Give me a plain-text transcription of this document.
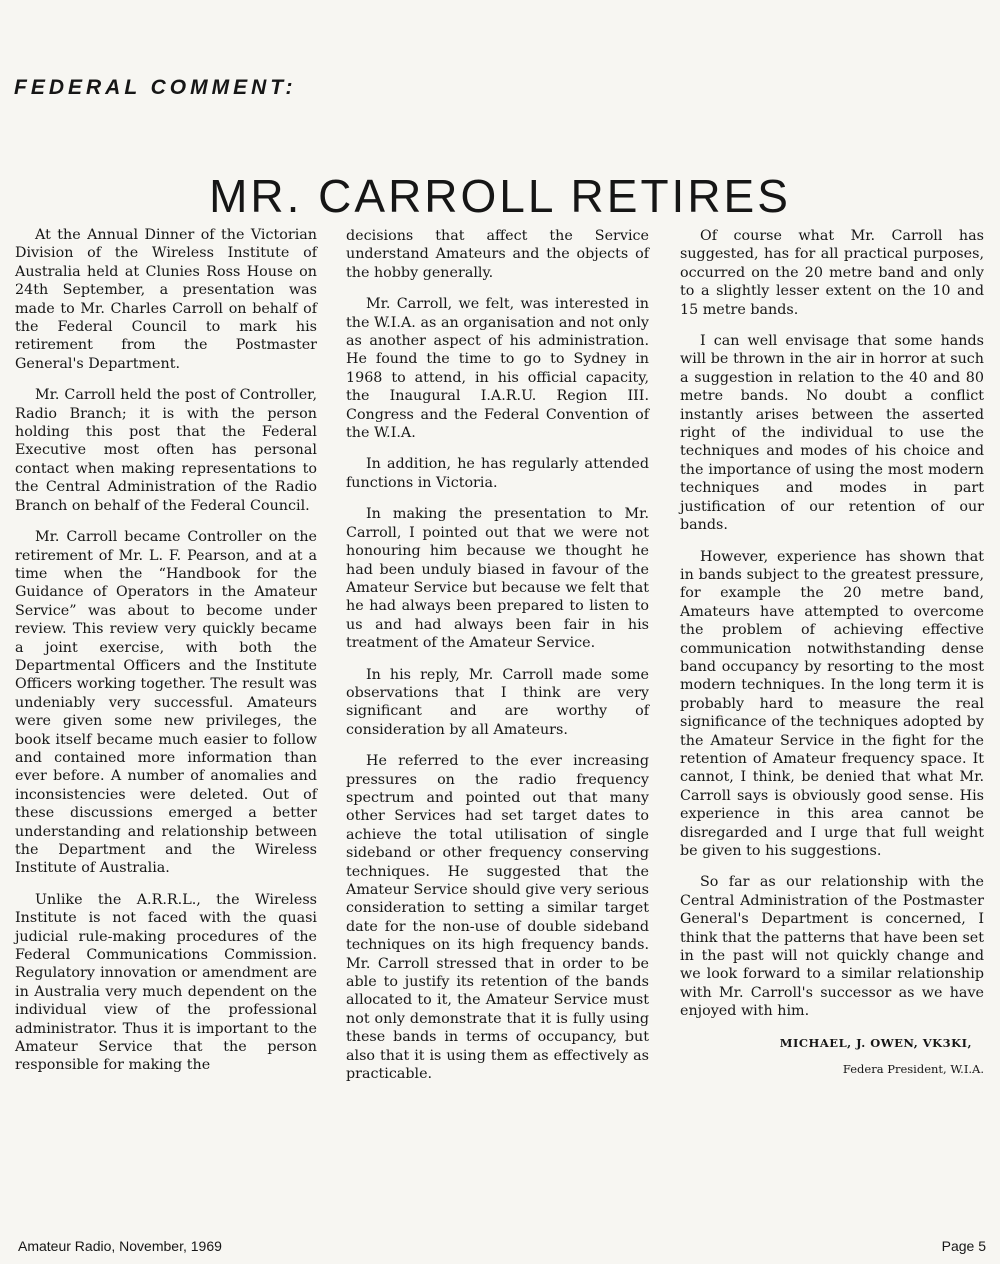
FEDERAL COMMENT:
MR. CARROLL RETIRES

At the Annual Dinner of the Victorian Division of the Wireless Institute of Australia held at Clunies Ross House on 24th September, a presentation was made to Mr. Charles Carroll on behalf of the Federal Council to mark his retirement from the Postmaster General's Department.

Mr. Carroll held the post of Controller, Radio Branch; it is with the person holding this post that the Federal Executive most often has personal contact when making representations to the Central Administration of the Radio Branch on behalf of the Federal Council.

Mr. Carroll became Controller on the retirement of Mr. L. F. Pearson, and at a time when the “Handbook for the Guidance of Operators in the Amateur Service” was about to become under review. This review very quickly became a joint exercise, with both the Departmental Officers and the Institute Officers working together. The result was undeniably very successful. Amateurs were given some new privileges, the book itself became much easier to follow and contained more information than ever before. A number of anomalies and inconsistencies were deleted. Out of these discussions emerged a better understanding and relationship between the Department and the Wireless Institute of Australia.

Unlike the A.R.R.L., the Wireless Institute is not faced with the quasi judicial rule-making procedures of the Federal Communications Commission. Regulatory innovation or amendment are in Australia very much dependent on the individual view of the professional administrator. Thus it is important to the Amateur Service that the person responsible for making the

decisions that affect the Service understand Amateurs and the objects of the hobby generally.

Mr. Carroll, we felt, was interested in the W.I.A. as an organisation and not only as another aspect of his administration. He found the time to go to Sydney in 1968 to attend, in his official capacity, the Inaugural I.A.R.U. Region III. Congress and the Federal Convention of the W.I.A.

In addition, he has regularly attended functions in Victoria.

In making the presentation to Mr. Carroll, I pointed out that we were not honouring him because we thought he had been unduly biased in favour of the Amateur Service but because we felt that he had always been prepared to listen to us and had always been fair in his treatment of the Amateur Service.

In his reply, Mr. Carroll made some observations that I think are very significant and are worthy of consideration by all Amateurs.

He referred to the ever increasing pressures on the radio frequency spectrum and pointed out that many other Services had set target dates to achieve the total utilisation of single sideband or other frequency conserving techniques. He suggested that the Amateur Service should give very serious consideration to setting a similar target date for the non-use of double sideband techniques on its high frequency bands. Mr. Carroll stressed that in order to be able to justify its retention of the bands allocated to it, the Amateur Service must not only demonstrate that it is fully using these bands in terms of occupancy, but also that it is using them as effectively as practicable.

Of course what Mr. Carroll has suggested, has for all practical purposes, occurred on the 20 metre band and only to a slightly lesser extent on the 10 and 15 metre bands.

I can well envisage that some hands will be thrown in the air in horror at such a suggestion in relation to the 40 and 80 metre bands. No doubt a conflict instantly arises between the asserted right of the individual to use the techniques and modes of his choice and the importance of using the most modern techniques and modes in part justification of our retention of our bands.

However, experience has shown that in bands subject to the greatest pressure, for example the 20 metre band, Amateurs have attempted to overcome the problem of achieving effective communication notwithstanding dense band occupancy by resorting to the most modern techniques. In the long term it is probably hard to measure the real significance of the techniques adopted by the Amateur Service in the fight for the retention of Amateur frequency space. It cannot, I think, be denied that what Mr. Carroll says is obviously good sense. His experience in this area cannot be disregarded and I urge that full weight be given to his suggestions.

So far as our relationship with the Central Administration of the Postmaster General's Department is concerned, I think that the patterns that have been set in the past will not quickly change and we look forward to a similar relationship with Mr. Carroll's successor as we have enjoyed with him.

MICHAEL, J. OWEN, VK3KI,
Federa President, W.I.A.
Amateur Radio, November, 1969	Page 5
